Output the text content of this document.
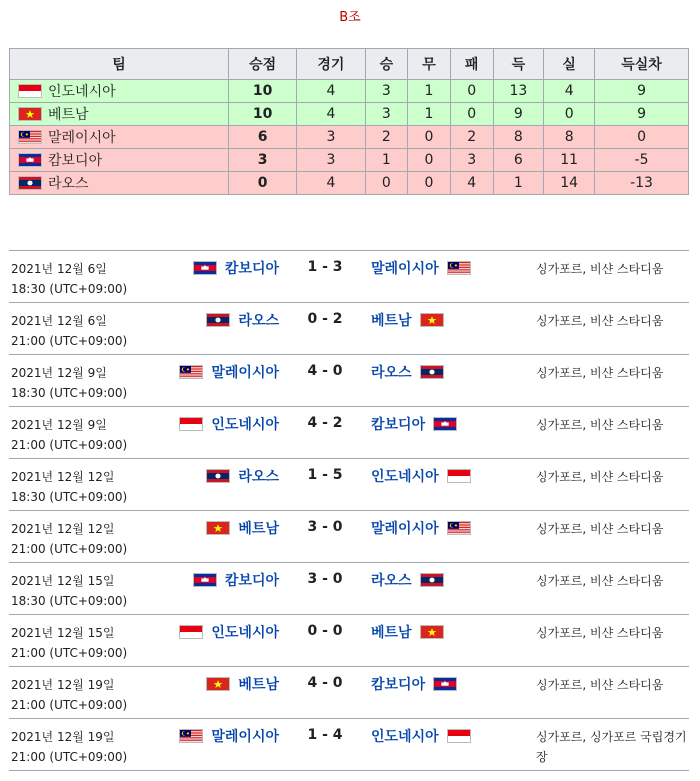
B조
팀	승점	경기	승	무	패	득	실	득실차

인도네시아	10	4	3	1	0	13	4	9

베트남	10	4	3	1	0	9	0	9

말레이시아	6	3	2	0	2	8	8	0

캄보디아	3	3	1	0	3	6	11	-5

라오스	0	4	0	0	4	1	14	-13
2021년 12월 6일
18:30 (UTC+09:00)
캄보디아	1 - 3	말레이시아	싱가포르, 비샨 스타디움
2021년 12월 6일
21:00 (UTC+09:00)
라오스	0 - 2	베트남	싱가포르, 비샨 스타디움
2021년 12월 9일
18:30 (UTC+09:00)
말레이시아	4 - 0	라오스	싱가포르, 비샨 스타디움
2021년 12월 9일
21:00 (UTC+09:00)
인도네시아	4 - 2	캄보디아	싱가포르, 비샨 스타디움
2021년 12월 12일
18:30 (UTC+09:00)
라오스	1 - 5	인도네시아	싱가포르, 비샨 스타디움
2021년 12월 12일
21:00 (UTC+09:00)
베트남	3 - 0	말레이시아	싱가포르, 비샨 스타디움
2021년 12월 15일
18:30 (UTC+09:00)
캄보디아	3 - 0	라오스	싱가포르, 비샨 스타디움
2021년 12월 15일
21:00 (UTC+09:00)
인도네시아	0 - 0	베트남	싱가포르, 비샨 스타디움
2021년 12월 19일
21:00 (UTC+09:00)
베트남	4 - 0	캄보디아	싱가포르, 비샨 스타디움
2021년 12월 19일
21:00 (UTC+09:00)
말레이시아	1 - 4	인도네시아	싱가포르, 싱가포르 국립경기장
